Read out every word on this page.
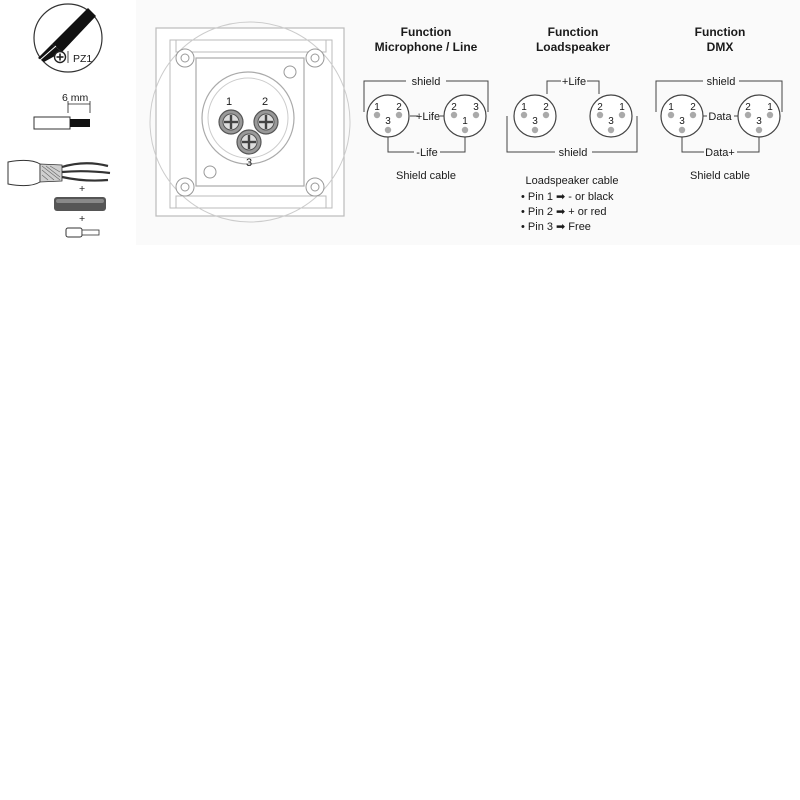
PZ1
6 mm
+
+
1	2
3
Function
Microphone / Line
1 2
3
2 3
1
shield
+Life
-Life
Shield cable
Function
Loadspeaker
1 2
3
2 1
3
+Life
shield
Loadspeaker cable
Function
DMX
1 2
3
2 1
3
shield
Data
Data+
Shield cable
• Pin 1 ➡ - or black
• Pin 2 ➡ + or red
• Pin 3 ➡ Free
